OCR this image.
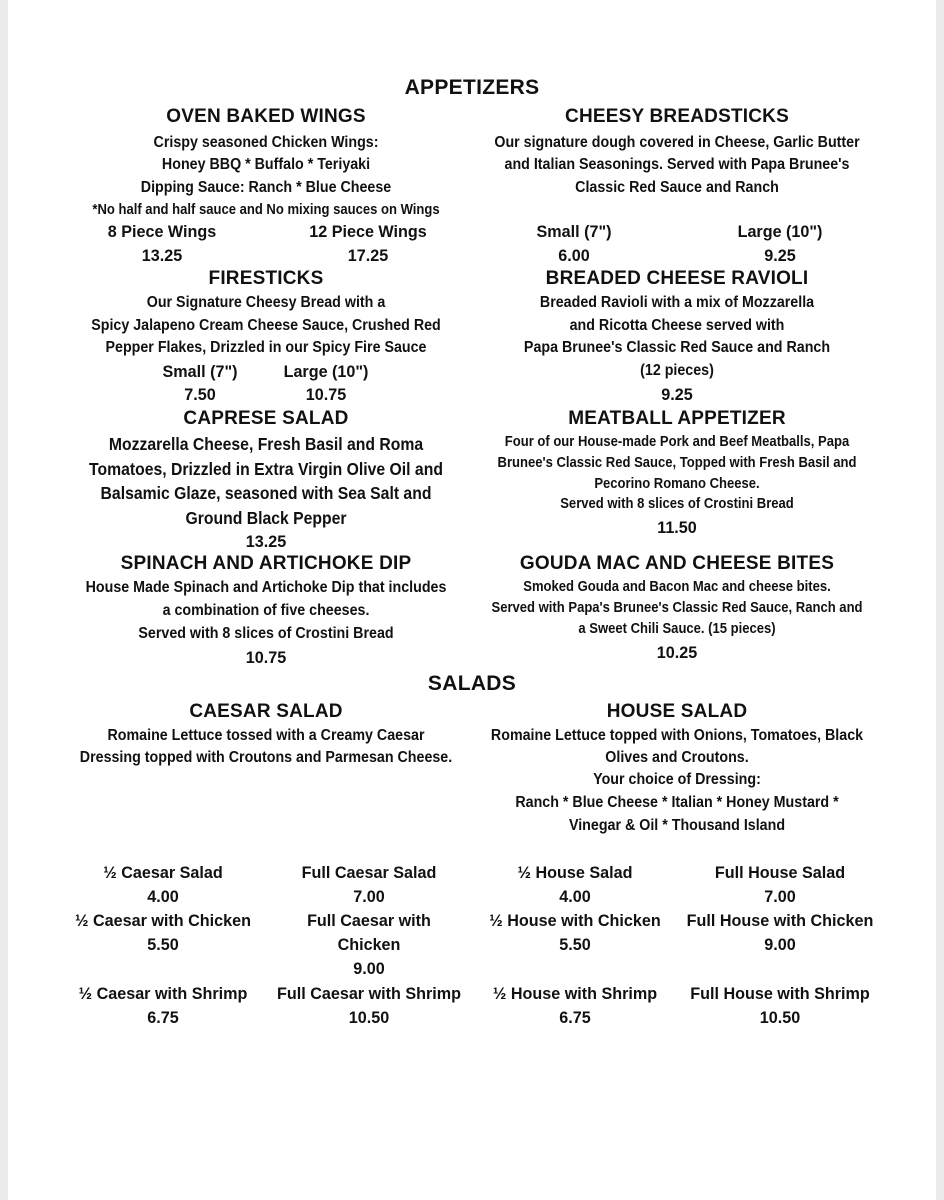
APPETIZERS
OVEN BAKED WINGS
Crispy seasoned Chicken Wings:
Honey BBQ * Buffalo * Teriyaki
Dipping Sauce: Ranch * Blue Cheese
*No half and half sauce and No mixing sauces on Wings
8 Piece Wings
13.25
12 Piece Wings
17.25
CHEESY BREADSTICKS
Our signature dough covered in Cheese, Garlic Butter
and Italian Seasonings. Served with Papa Brunee's
Classic Red Sauce and Ranch
Small (7")
6.00
Large (10")
9.25
FIRESTICKS
Our Signature Cheesy Bread with a
Spicy Jalapeno Cream Cheese Sauce, Crushed Red
Pepper Flakes, Drizzled in our Spicy Fire Sauce
Small (7")
7.50
Large (10")
10.75
BREADED CHEESE RAVIOLI
Breaded Ravioli with a mix of Mozzarella
and Ricotta Cheese served with
Papa Brunee's Classic Red Sauce and Ranch
(12 pieces)
9.25
CAPRESE SALAD
Mozzarella Cheese, Fresh Basil and Roma
Tomatoes, Drizzled in Extra Virgin Olive Oil and
Balsamic Glaze, seasoned with Sea Salt and
Ground Black Pepper
13.25
MEATBALL APPETIZER
Four of our House-made Pork and Beef Meatballs, Papa
Brunee's Classic Red Sauce, Topped with Fresh Basil and
Pecorino Romano Cheese.
Served with 8 slices of Crostini Bread
11.50
SPINACH AND ARTICHOKE DIP
House Made Spinach and Artichoke Dip that includes
a combination of five cheeses.
Served with 8 slices of Crostini Bread
10.75
GOUDA MAC AND CHEESE BITES
Smoked Gouda and Bacon Mac and cheese bites.
Served with Papa's Brunee's Classic Red Sauce, Ranch and
a Sweet Chili Sauce. (15 pieces)
10.25
SALADS
CAESAR SALAD
Romaine Lettuce tossed with a Creamy Caesar
Dressing topped with Croutons and Parmesan Cheese.
½ Caesar Salad
4.00
Full Caesar Salad
7.00
½ Caesar with Chicken
5.50
Full Caesar with
Chicken
9.00
½ Caesar with Shrimp
6.75
Full Caesar with Shrimp
10.50
HOUSE SALAD
Romaine Lettuce topped with Onions, Tomatoes, Black
Olives and Croutons.
Your choice of Dressing:
Ranch * Blue Cheese * Italian * Honey Mustard *
Vinegar & Oil * Thousand Island
½ House Salad
4.00
Full House Salad
7.00
½ House with Chicken
5.50
Full House with Chicken
9.00
½ House with Shrimp
6.75
Full House with Shrimp
10.50
